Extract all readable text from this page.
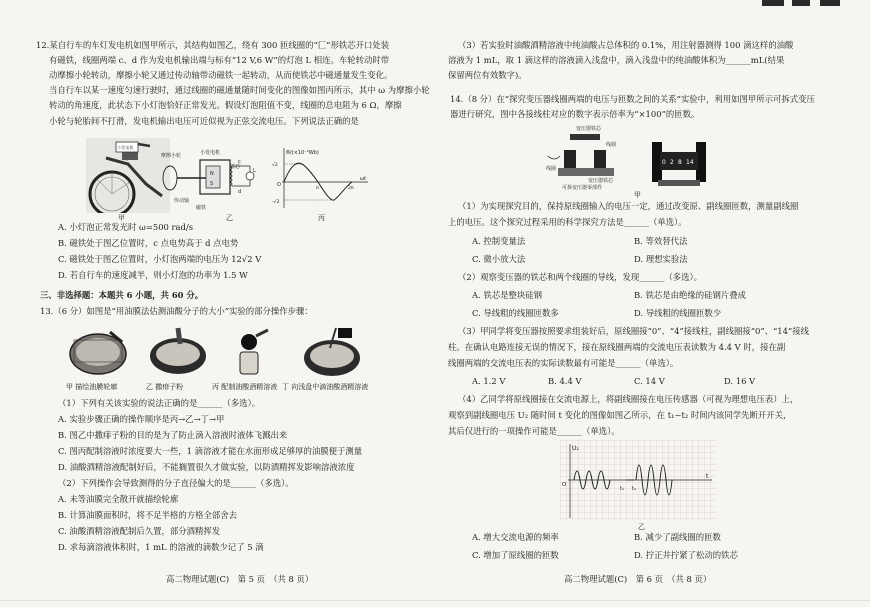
12.某自行车的车灯发电机如图甲所示，其结构如图乙，绕有 300 匝线圈的“匚”形铁芯开口处装
有磁铁，线圈两端 c、d 作为发电机输出端与标有“12 V,6 W”的灯泡 L 相连。车轮转动时带
动摩擦小轮转动，摩擦小轮又通过传动轴带动磁铁一起转动，从而使铁芯中磁通量发生变化。
当自行车以某一速度匀速行驶时，通过线圈的磁通量随时间变化的图像如图丙所示，其中 ω 为摩擦小轮
转动的角速度，此状态下小灯泡恰好正常发光。假设灯泡阻值不变，线圈的总电阻为 6 Ω，摩擦
小轮与轮胎间不打滑，发电机输出电压可近似视为正弦交流电压。下列说法正确的是
小发电机
甲
小发电机
铁芯
N
S
L
c
d
摩擦小轮
传动轴
磁铁
乙
Φ/(×10⁻²Wb)
ωt
O
√2
-√2
π	2π
丙
A. 小灯泡正常发光时 ω=500 rad/s
B. 磁铁处于图乙位置时，c 点电势高于 d 点电势
C. 磁铁处于图乙位置时，小灯泡两端的电压为 12√2 V
D. 若自行车的速度减半，则小灯泡的功率为 1.5 W
三、非选择题：本题共 6 小题，共 60 分。
13.（6 分）如图是“用油膜法估测油酸分子的大小”实验的部分操作步骤：
甲 描绘油膜轮廓	乙 撒痱子粉	丙 配制油酸酒精溶液 丁 向浅盘中滴油酸酒精溶液
（1）下列有关该实验的说法正确的是______（多选）。
A. 实验步骤正确的操作顺序是丙→乙→丁→甲
B. 图乙中撒痱子粉的目的是为了防止滴入溶液时液体飞溅出来
C. 图丙配制溶液时浓度要大一些，1 滴溶液才能在水面形成足够厚的油膜便于测量
D. 油酸酒精溶液配制好后，不能搁置很久才做实验，以防酒精挥发影响溶液浓度
（2）下列操作会导致测得的分子直径偏大的是______（多选）。
A. 未等油膜完全散开就描绘轮廓
B. 计算油膜面积时，将不足半格的方格全部舍去
C. 油酸酒精溶液配制后久置，部分酒精挥发
D. 求每滴溶液体积时，1 mL 的溶液的滴数少记了 5 滴
高二物理试题(C)　第 5 页　（共 8 页）
（3）若实验时油酸酒精溶液中纯油酸占总体积的 0.1%，用注射器测得 100 滴这样的油酸
溶液为 1 mL，取 1 滴这样的溶液滴入浅盘中，滴入浅盘中的纯油酸体积为______mL(结果
保留两位有效数字)。
14.（8 分）在“探究变压器线圈两端的电压与匝数之间的关系”实验中，利用如图甲所示可拆式变压
器进行研究，图中各接线柱对应的数字表示倍率为“×100”的匝数。
变压器铁芯
线圈
线圈
变压器铁芯
可拆变压器零部件
0 2 8 14
甲
（1）为实现探究目的，保持原线圈输入的电压一定，通过改变原、副线圈匝数，测量副线圈
上的电压。这个探究过程采用的科学探究方法是______（单选）。
A. 控制变量法	B. 等效替代法
C. 微小放大法	D. 理想实验法
（2）观察变压器的铁芯和两个线圈的导线，发现______（多选）。
A. 铁芯是整块硅钢	B. 铁芯是由绝缘的硅钢片叠成
C. 导线粗的线圈匝数多	D. 导线粗的线圈匝数少
（3）甲同学将变压器按照要求组装好后，原线圈接“0”、“4”接线柱，副线圈接“0”、“14”接线
柱。在确认电路连接无误的情况下，接在原线圈两端的交流电压表读数为 4.4 V 时，接在副
线圈两端的交流电压表的实际读数最有可能是______（单选）。
A. 1.2 V	B. 4.4 V	C. 14 V	D. 16 V
（4）乙同学将原线圈接在交流电源上，将副线圈接在电压传感器（可视为理想电压表）上，
观察到副线圈电压 U₂ 随时间 t 变化的图像如图乙所示，在 t₁~t₂ 时间内该同学先断开开关，
其后仅进行的一项操作可能是______（单选）。
U₂
t
O
t₁ t₂
乙
A. 增大交流电源的频率	B. 减少了副线圈的匝数
C. 增加了原线圈的匝数	D. 拧正并拧紧了松动的铁芯
高二物理试题(C)　第 6 页　（共 8 页）
